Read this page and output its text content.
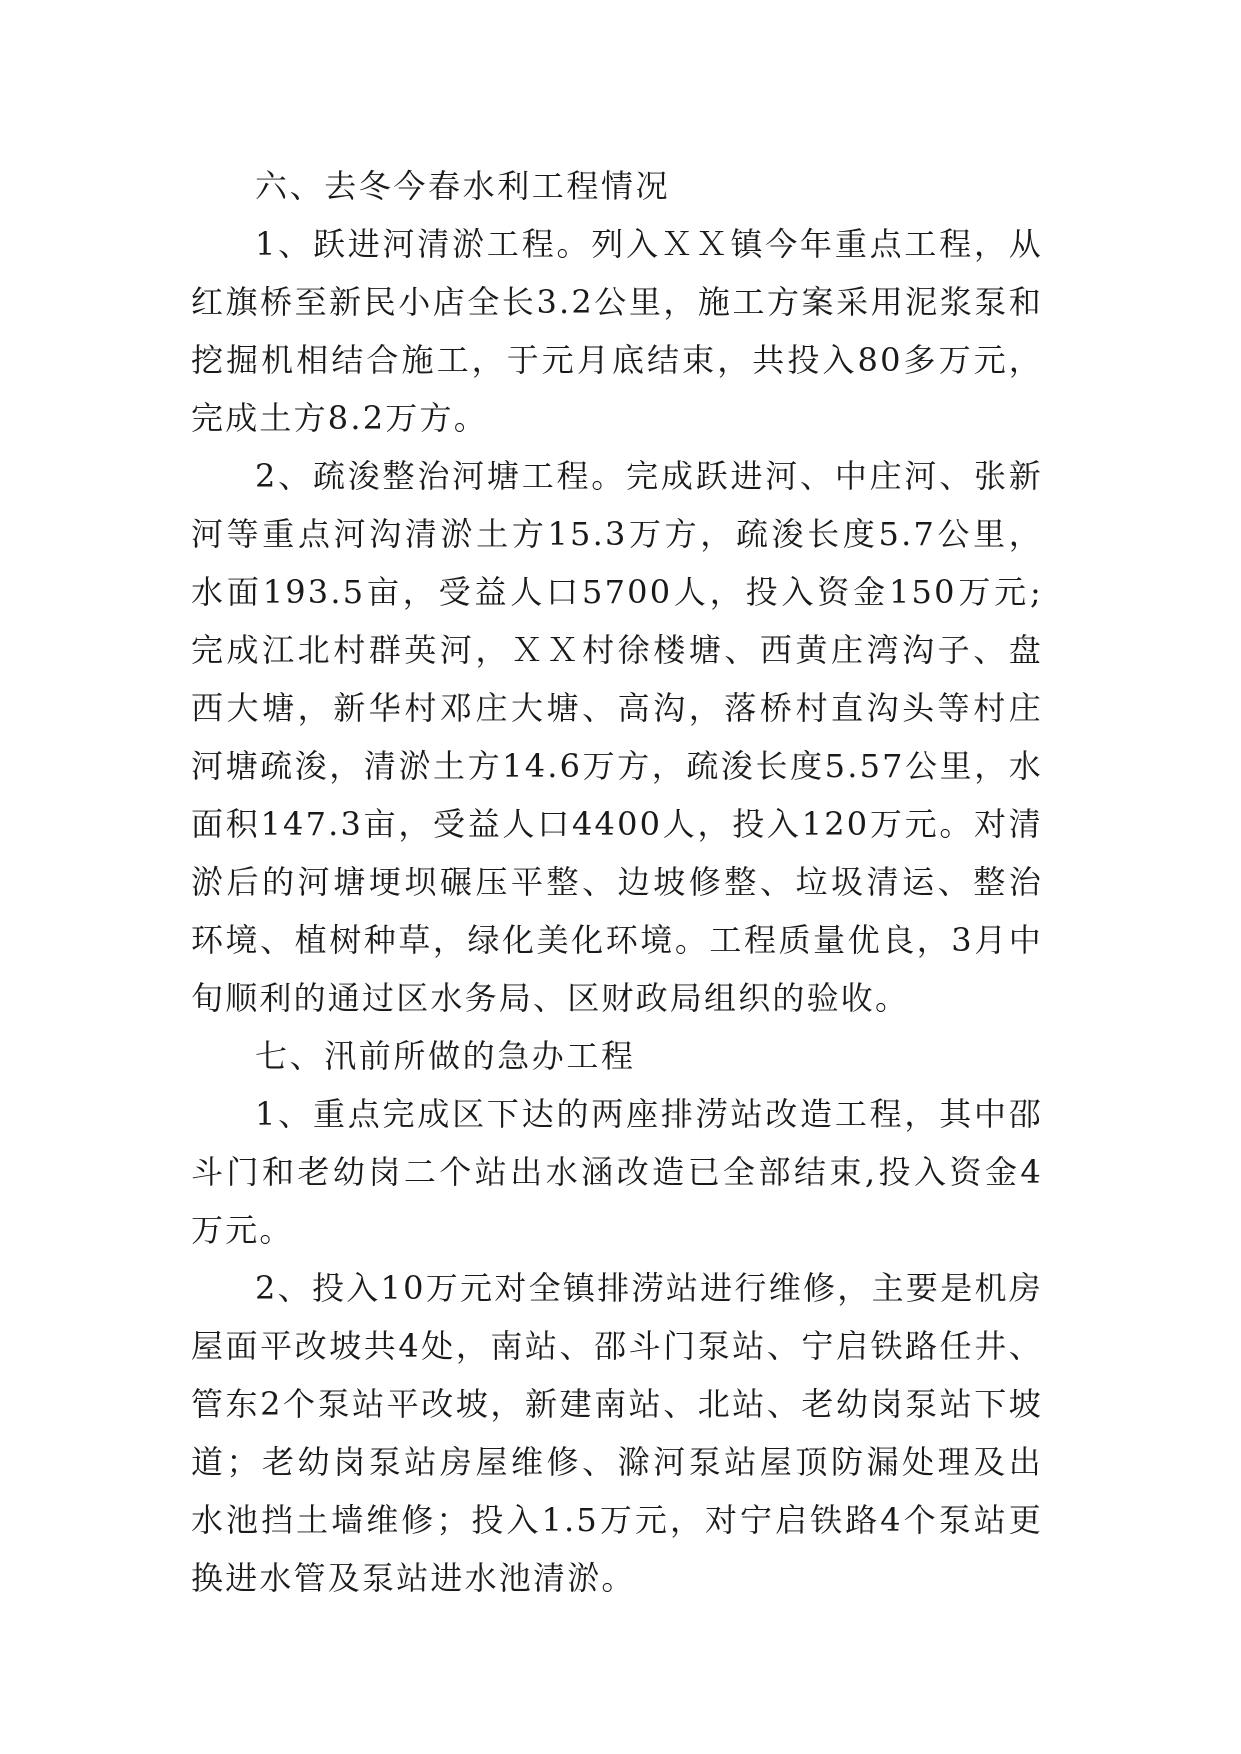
六、去冬今春水利工程情况

1、跃进河清淤工程。列入ＸＸ镇今年重点工程，从红旗桥至新民小店全长3.2公里，施工方案采用泥浆泵和挖掘机相结合施工，于元月底结束，共投入80多万元，完成土方8.2万方。

2、疏浚整治河塘工程。完成跃进河、中庄河、张新河等重点河沟清淤土方15.3万方，疏浚长度5.7公里，水面193.5亩，受益人口5700人，投入资金150万元;完成江北村群英河，ＸＸ村徐楼塘、西黄庄湾沟子、盘西大塘，新华村邓庄大塘、高沟，落桥村直沟头等村庄河塘疏浚，清淤土方14.6万方，疏浚长度5.57公里，水面积147.3亩，受益人口4400人，投入120万元。对清淤后的河塘埂坝碾压平整、边坡修整、垃圾清运、整治环境、植树种草，绿化美化环境。工程质量优良，3月中旬顺利的通过区水务局、区财政局组织的验收。

七、汛前所做的急办工程

1、重点完成区下达的两座排涝站改造工程，其中邵斗门和老幼岗二个站出水涵改造已全部结束,投入资金4万元。

2、投入10万元对全镇排涝站进行维修，主要是机房屋面平改坡共4处，南站、邵斗门泵站、宁启铁路任井、管东2个泵站平改坡，新建南站、北站、老幼岗泵站下坡道；老幼岗泵站房屋维修、滁河泵站屋顶防漏处理及出水池挡土墙维修；投入1.5万元，对宁启铁路4个泵站更换进水管及泵站进水池清淤。
